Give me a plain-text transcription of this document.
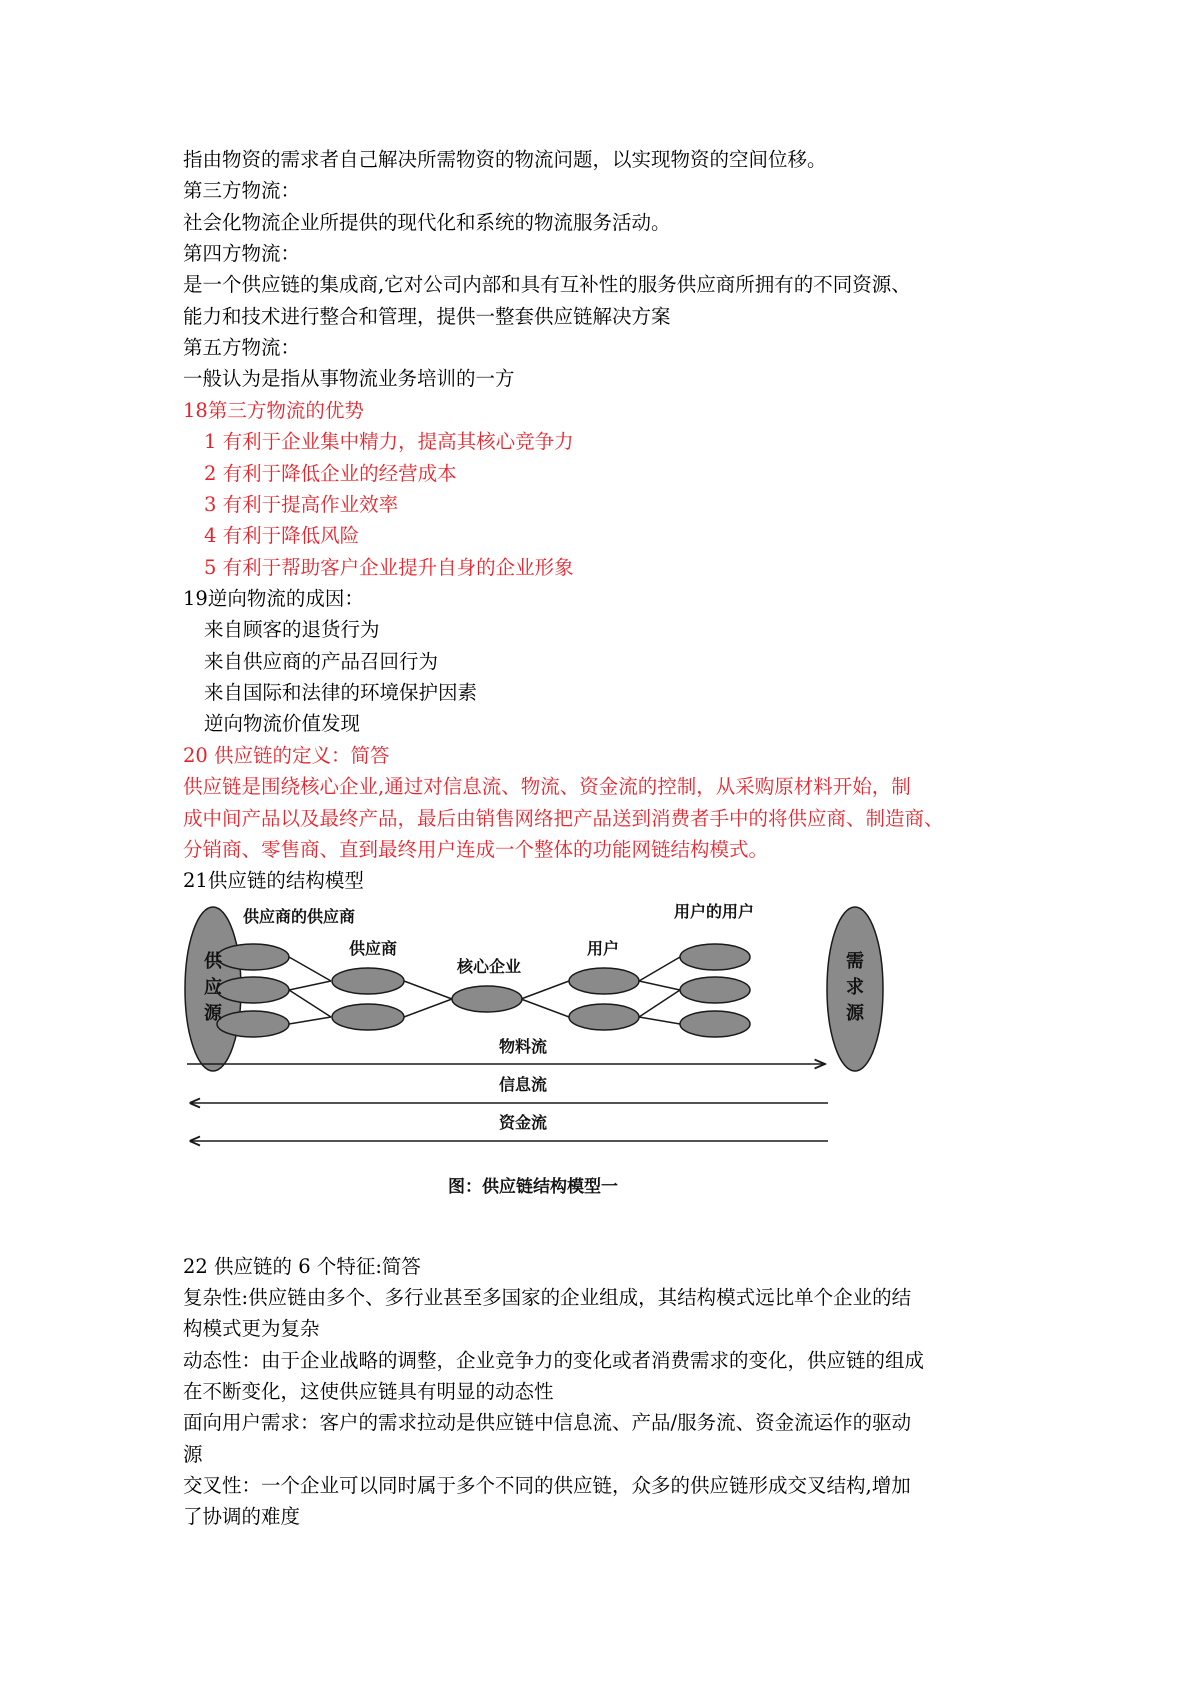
指由物资的需求者自己解决所需物资的物流问题，以实现物资的空间位移。
第三方物流：
社会化物流企业所提供的现代化和系统的物流服务活动。
第四方物流：
是一个供应链的集成商,它对公司内部和具有互补性的服务供应商所拥有的不同资源、
能力和技术进行整合和管理，提供一整套供应链解决方案
第五方物流：
一般认为是指从事物流业务培训的一方
18第三方物流的优势
1 有利于企业集中精力，提高其核心竞争力
2 有利于降低企业的经营成本
3 有利于提高作业效率
4 有利于降低风险
5 有利于帮助客户企业提升自身的企业形象
19逆向物流的成因：
来自顾客的退货行为
来自供应商的产品召回行为
来自国际和法律的环境保护因素
逆向物流价值发现
20 供应链的定义：简答
供应链是围绕核心企业,通过对信息流、物流、资金流的控制，从采购原材料开始，制
成中间产品以及最终产品，最后由销售网络把产品送到消费者手中的将供应商、制造商、
分销商、零售商、直到最终用户连成一个整体的功能网链结构模式。
21供应链的结构模型
供
应
源
需
求
源
供应商的供应商
供应商
核心企业
用户
用户的用户
物料流
信息流
资金流
图：供应链结构模型一
22 供应链的 6 个特征:简答
复杂性:供应链由多个、多行业甚至多国家的企业组成，其结构模式远比单个企业的结
构模式更为复杂
动态性：由于企业战略的调整，企业竞争力的变化或者消费需求的变化，供应链的组成
在不断变化，这使供应链具有明显的动态性
面向用户需求：客户的需求拉动是供应链中信息流、产品/服务流、资金流运作的驱动
源
交叉性：一个企业可以同时属于多个不同的供应链，众多的供应链形成交叉结构,增加
了协调的难度
